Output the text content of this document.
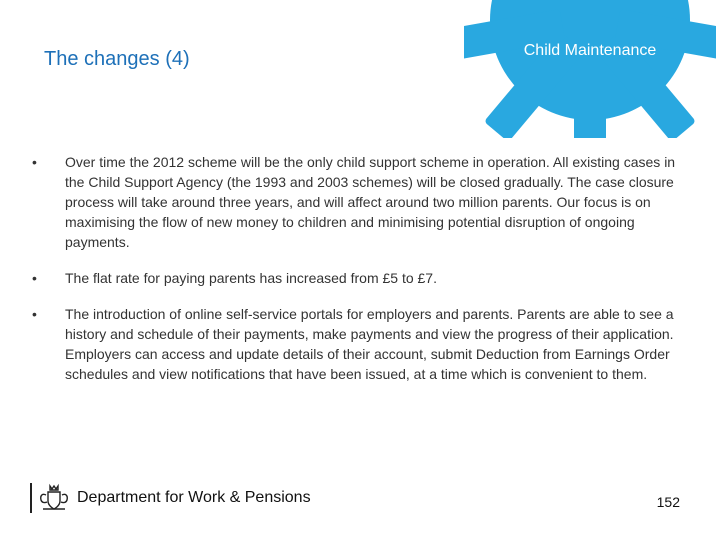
Child Maintenance
The changes (4)
•	Over time the 2012 scheme will be the only child support scheme in operation. All existing cases in the Child Support Agency (the 1993 and 2003 schemes) will be closed gradually. The case closure process will take around three years, and will affect around two million parents. Our focus is on maximising the flow of new money to children and minimising potential disruption of ongoing payments.
•	The flat rate for paying parents has increased from £5 to £7.
•	The introduction of online self-service portals for employers and parents. Parents are able to see a history and schedule of their payments, make payments and view the progress of their application. Employers can access and update details of their account, submit Deduction from Earnings Order schedules and view notifications that have been issued, at a time which is convenient to them.
Department for Work & Pensions	152
